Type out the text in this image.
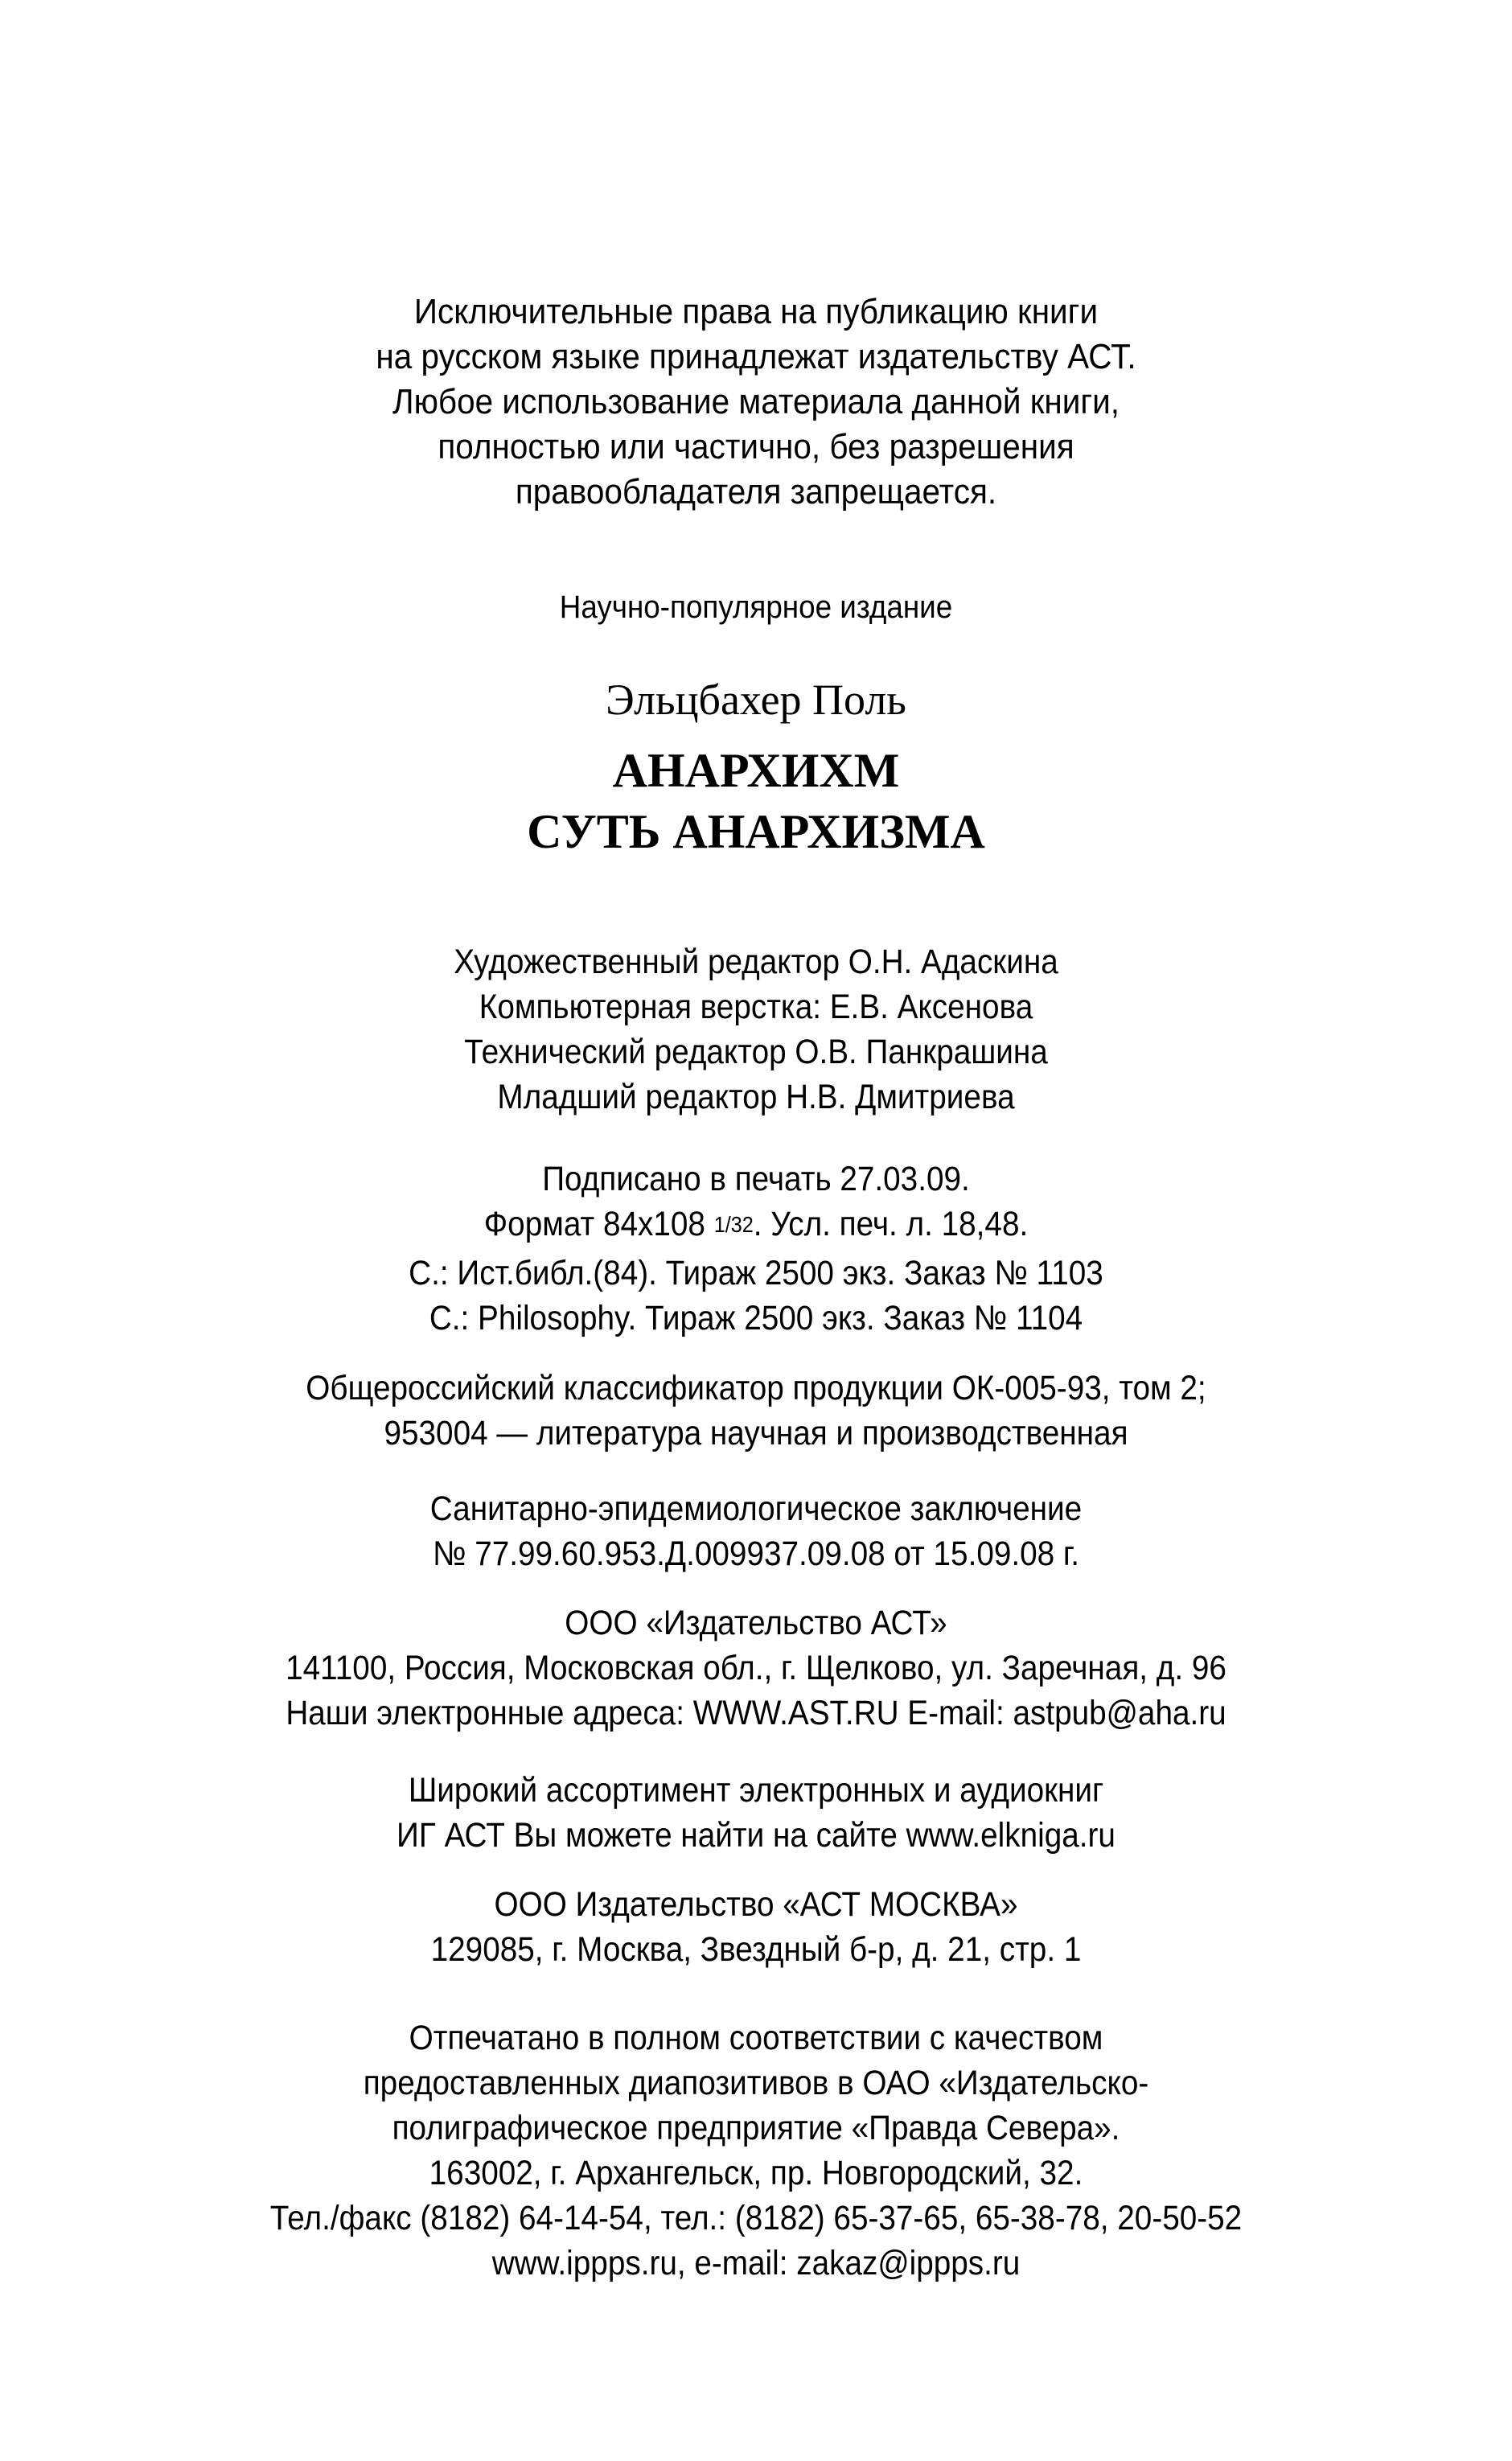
Исключительные права на публикацию книги
на русском языке принадлежат издательству АСТ.
Любое использование материала данной книги,
полностью или частично, без разрешения
правообладателя запрещается.
Научно-популярное издание
Эльцбахер Поль
АНАРХИХМ
СУТЬ АНАРХИЗМА
Художественный редактор О.Н. Адаскина
Компьютерная верстка: Е.В. Аксенова
Технический редактор О.В. Панкрашина
Младший редактор Н.В. Дмитриева
Подписано в печать 27.03.09.
Формат 84х108 1/32. Усл. печ. л. 18,48.
С.: Ист.библ.(84). Тираж 2500 экз. Заказ № 1103
С.: Philosophy. Тираж 2500 экз. Заказ № 1104
Общероссийский классификатор продукции ОК-005-93, том 2;
953004 — литература научная и производственная
Санитарно-эпидемиологическое заключение
№ 77.99.60.953.Д.009937.09.08 от 15.09.08 г.
ООО «Издательство АСТ»
141100, Россия, Московская обл., г. Щелково, ул. Заречная, д. 96
Наши электронные адреса: WWW.AST.RU E-mail: astpub@aha.ru
Широкий ассортимент электронных и аудиокниг
ИГ АСТ Вы можете найти на сайте www.elkniga.ru
ООО Издательство «АСТ МОСКВА»
129085, г. Москва, Звездный б-р, д. 21, стр. 1
Отпечатано в полном соответствии с качеством
предоставленных диапозитивов в ОАО «Издательско-
полиграфическое предприятие «Правда Севера».
163002, г. Архангельск, пр. Новгородский, 32.
Тел./факс (8182) 64-14-54, тел.: (8182) 65-37-65, 65-38-78, 20-50-52
www.ippps.ru, e-mail: zakaz@ippps.ru
